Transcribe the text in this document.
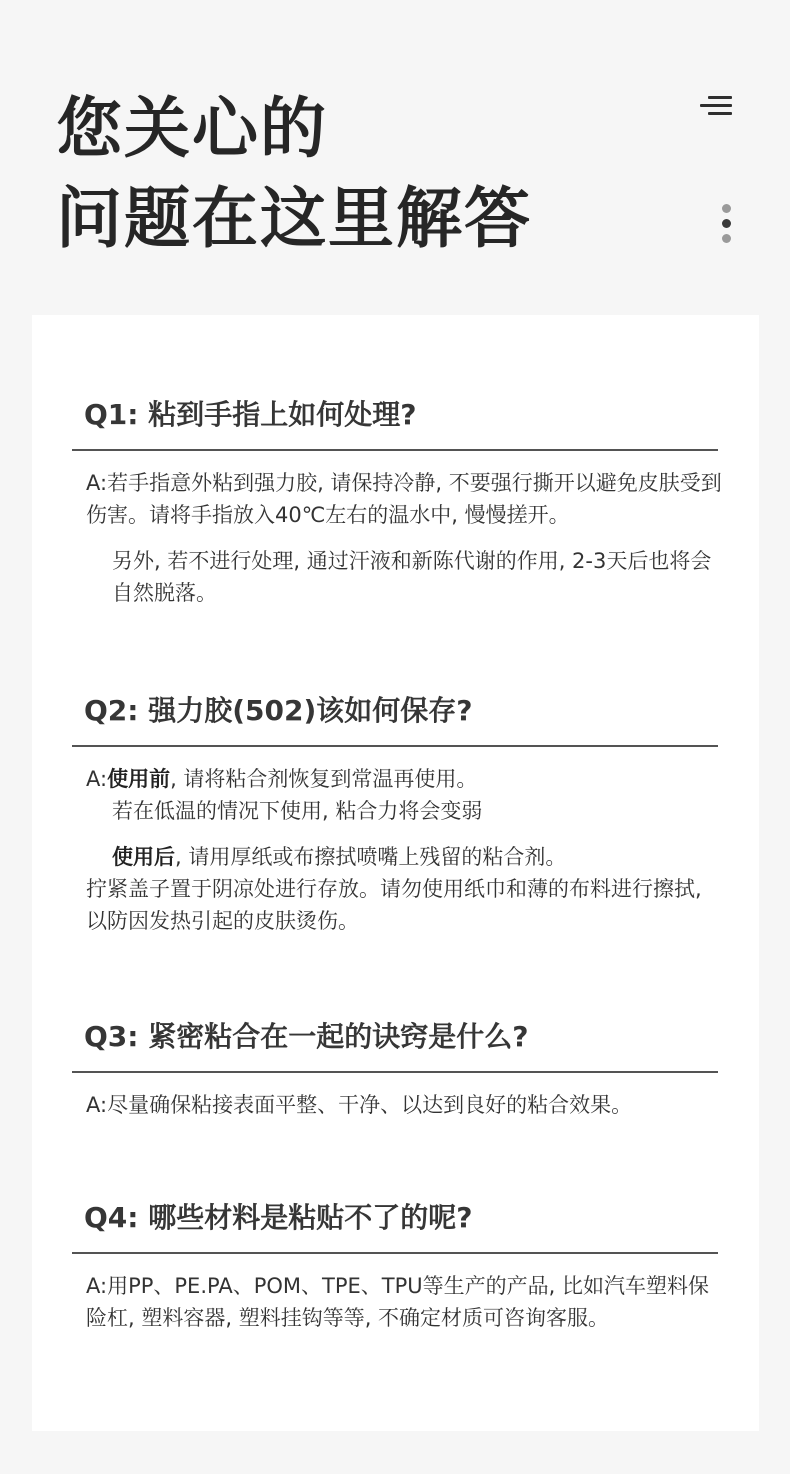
您关心的
问题在这里解答
Q1: 粘到手指上如何处理?

A:若手指意外粘到强力胶, 请保持冷静, 不要强行撕开以避免皮肤受到伤害。请将手指放入40℃左右的温水中, 慢慢搓开。

另外, 若不进行处理, 通过汗液和新陈代谢的作用, 2-3天后也将会自然脱落。

Q2: 强力胶(502)该如何保存?

A:使用前, 请将粘合剂恢复到常温再使用。

若在低温的情况下使用, 粘合力将会变弱

使用后, 请用厚纸或布擦拭喷嘴上残留的粘合剂。

拧紧盖子置于阴凉处进行存放。请勿使用纸巾和薄的布料进行擦拭, 以防因发热引起的皮肤烫伤。

Q3: 紧密粘合在一起的诀窍是什么?

A:尽量确保粘接表面平整、干净、以达到良好的粘合效果。

Q4: 哪些材料是粘贴不了的呢?

A:用PP、PE.PA、POM、TPE、TPU等生产的产品, 比如汽车塑料保险杠, 塑料容器, 塑料挂钩等等, 不确定材质可咨询客服。
